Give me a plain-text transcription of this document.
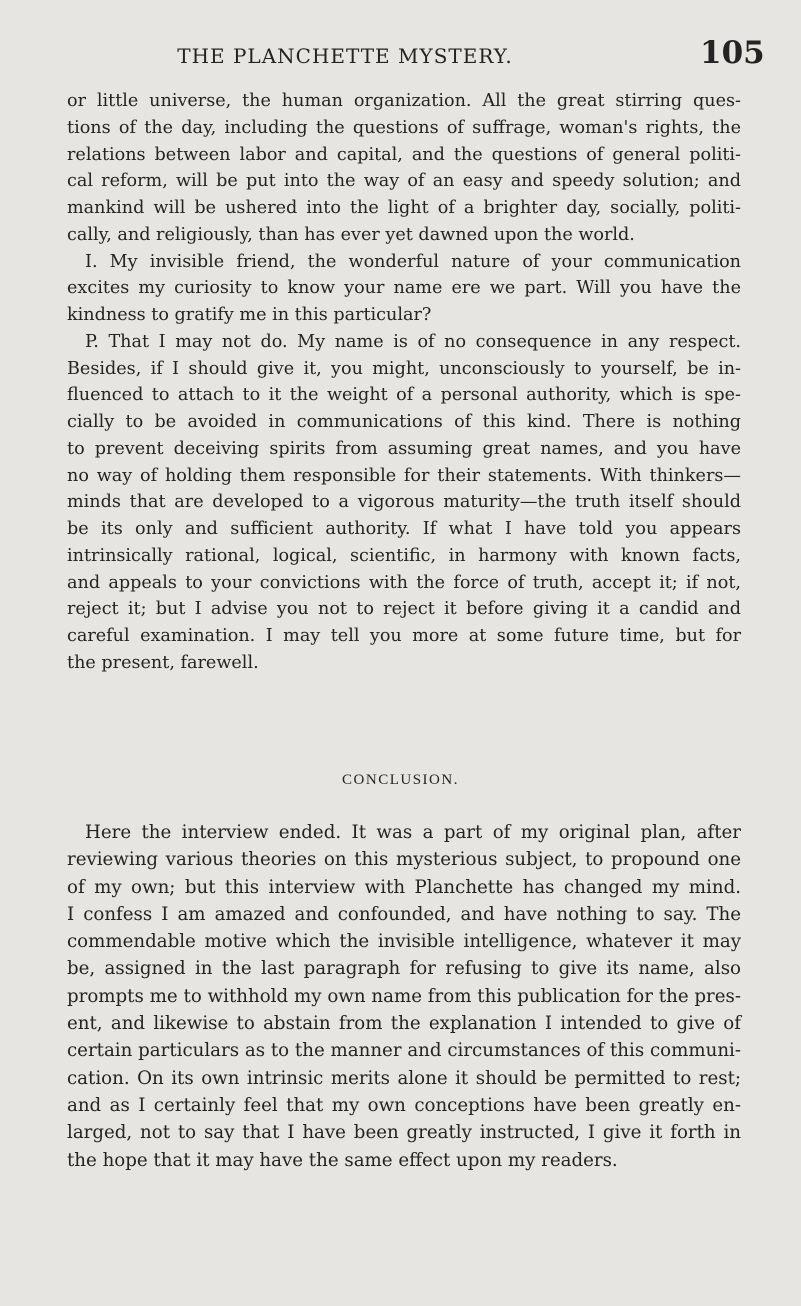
THE PLANCHETTE MYSTERY.	105
or little universe, the human organization. All the great stirring ques-
tions of the day, including the questions of suffrage, woman's rights, the
relations between labor and capital, and the questions of general politi-
cal reform, will be put into the way of an easy and speedy solution; and
mankind will be ushered into the light of a brighter day, socially, politi-
cally, and religiously, than has ever yet dawned upon the world.
I. My invisible friend, the wonderful nature of your communication
excites my curiosity to know your name ere we part. Will you have the
kindness to gratify me in this particular?
P. That I may not do. My name is of no consequence in any respect.
Besides, if I should give it, you might, unconsciously to yourself, be in-
fluenced to attach to it the weight of a personal authority, which is spe-
cially to be avoided in communications of this kind. There is nothing
to prevent deceiving spirits from assuming great names, and you have
no way of holding them responsible for their statements. With thinkers—
minds that are developed to a vigorous maturity—the truth itself should
be its only and sufficient authority. If what I have told you appears
intrinsically rational, logical, scientific, in harmony with known facts,
and appeals to your convictions with the force of truth, accept it; if not,
reject it; but I advise you not to reject it before giving it a candid and
careful examination. I may tell you more at some future time, but for
the present, farewell.
CONCLUSION.
Here the interview ended. It was a part of my original plan, after
reviewing various theories on this mysterious subject, to propound one
of my own; but this interview with Planchette has changed my mind.
I confess I am amazed and confounded, and have nothing to say. The
commendable motive which the invisible intelligence, whatever it may
be, assigned in the last paragraph for refusing to give its name, also
prompts me to withhold my own name from this publication for the pres-
ent, and likewise to abstain from the explanation I intended to give of
certain particulars as to the manner and circumstances of this communi-
cation. On its own intrinsic merits alone it should be permitted to rest;
and as I certainly feel that my own conceptions have been greatly en-
larged, not to say that I have been greatly instructed, I give it forth in
the hope that it may have the same effect upon my readers.
